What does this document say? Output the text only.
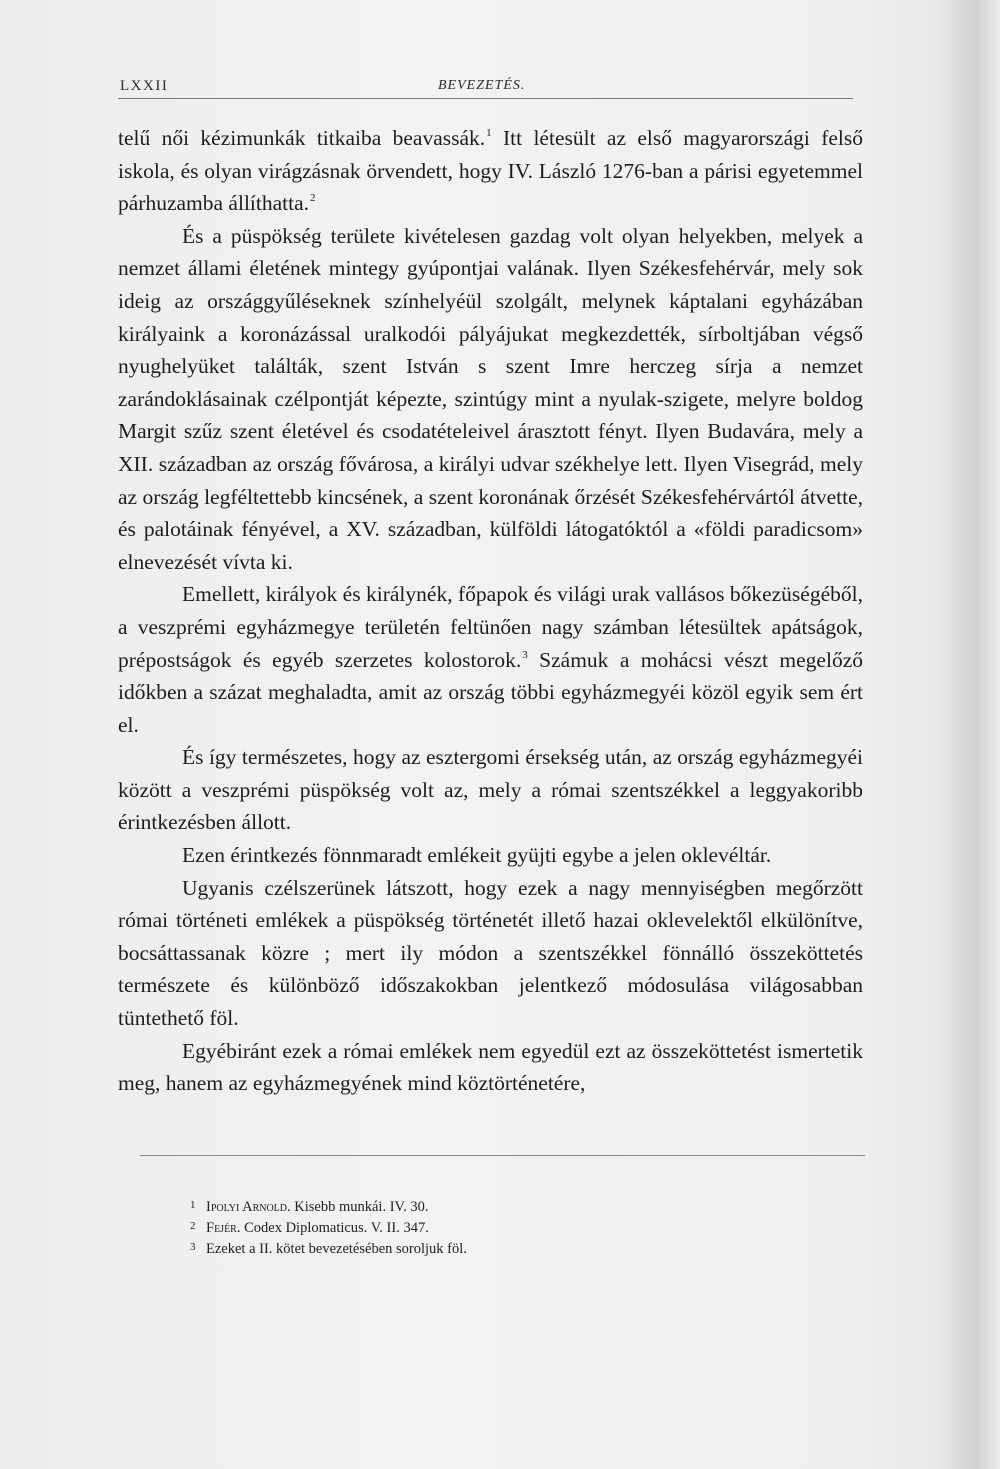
LXXII	BEVEZETÉS.

telű női kézimunkák titkaiba beavassák.$^1$ Itt létesült az első magyarországi felső iskola, és olyan virágzásnak örvendett, hogy IV. László 1276-ban a párisi egyetemmel párhuzamba állíthatta.$^2$

És a püspökség területe kivételesen gazdag volt olyan helyekben, melyek a nemzet állami életének mintegy gyúpontjai valának. Ilyen Székesfehérvár, mely sok ideig az országgyűléseknek színhelyéül szolgált, melynek káptalani egyházában királyaink a koronázással uralkodói pályájukat megkezdették, sírboltjában végső nyughelyüket találták, szent István s szent Imre herczeg sírja a nemzet zarándoklásainak czélpontját képezte, szintúgy mint a nyulak-szigete, melyre boldog Margit szűz szent életével és csodatételeivel árasztott fényt. Ilyen Budavára, mely a XII. században az ország fővárosa, a királyi udvar székhelye lett. Ilyen Visegrád, mely az ország legféltettebb kincsének, a szent koronának őrzését Székesfehérvártól átvette, és palotáinak fényével, a XV. században, külföldi látogatóktól a «földi paradicsom» elnevezését vívta ki.

Emellett, királyok és királynék, főpapok és világi urak vallásos bőkezüségéből, a veszprémi egyházmegye területén feltünően nagy számban létesültek apátságok, prépostságok és egyéb szerzetes kolostorok.$^3$ Számuk a mohácsi vészt megelőző időkben a százat meghaladta, amit az ország többi egyházmegyéi közöl egyik sem ért el.

És így természetes, hogy az esztergomi érsekség után, az ország egyházmegyéi között a veszprémi püspökség volt az, mely a római szentszékkel a leggyakoribb érintkezésben állott.

Ezen érintkezés fönnmaradt emlékeit gyüjti egybe a jelen oklevéltár.

Ugyanis czélszerünek látszott, hogy ezek a nagy mennyiségben megőrzött római történeti emlékek a püspökség történetét illető hazai oklevelektől elkülönítve, bocsáttassanak közre ; mert ily módon a szentszékkel fönnálló összeköttetés természete és különböző időszakokban jelentkező módosulása világosabban tüntethető föl.

Egyébiránt ezek a római emlékek nem egyedül ezt az összeköttetést ismertetik meg, hanem az egyházmegyének mind köztörténetére,

1 Ipolyi Arnold. Kisebb munkái. IV. 30.
2 Fejér. Codex Diplomaticus. V. II. 347.
3 Ezeket a II. kötet bevezetésében soroljuk föl.
